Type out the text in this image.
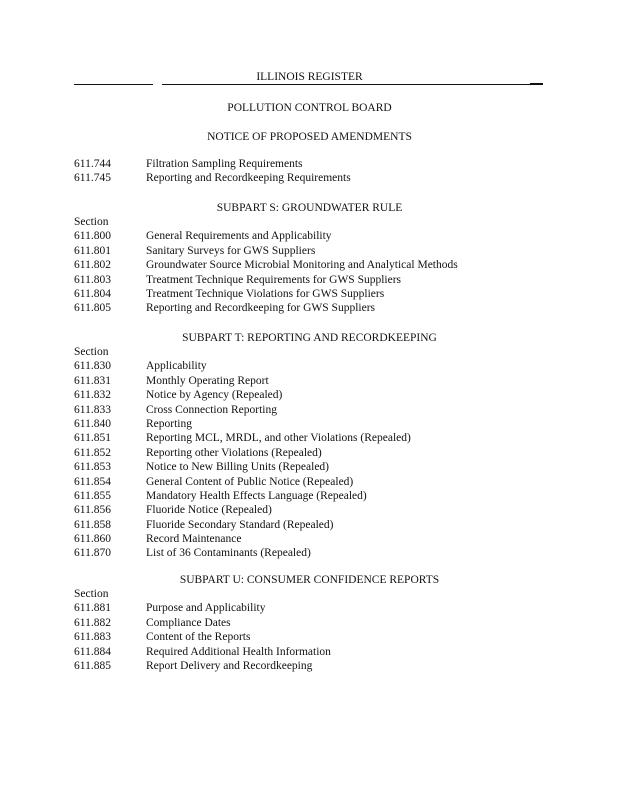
ILLINOIS REGISTER
POLLUTION CONTROL BOARD
NOTICE OF PROPOSED AMENDMENTS
611.744	Filtration Sampling Requirements
611.745	Reporting and Recordkeeping Requirements
SUBPART S: GROUNDWATER RULE
Section
611.800	General Requirements and Applicability
611.801	Sanitary Surveys for GWS Suppliers
611.802	Groundwater Source Microbial Monitoring and Analytical Methods
611.803	Treatment Technique Requirements for GWS Suppliers
611.804	Treatment Technique Violations for GWS Suppliers
611.805	Reporting and Recordkeeping for GWS Suppliers
SUBPART T: REPORTING AND RECORDKEEPING
Section
611.830	Applicability
611.831	Monthly Operating Report
611.832	Notice by Agency (Repealed)
611.833	Cross Connection Reporting
611.840	Reporting
611.851	Reporting MCL, MRDL, and other Violations (Repealed)
611.852	Reporting other Violations (Repealed)
611.853	Notice to New Billing Units (Repealed)
611.854	General Content of Public Notice (Repealed)
611.855	Mandatory Health Effects Language (Repealed)
611.856	Fluoride Notice (Repealed)
611.858	Fluoride Secondary Standard (Repealed)
611.860	Record Maintenance
611.870	List of 36 Contaminants (Repealed)
SUBPART U: CONSUMER CONFIDENCE REPORTS
Section
611.881	Purpose and Applicability
611.882	Compliance Dates
611.883	Content of the Reports
611.884	Required Additional Health Information
611.885	Report Delivery and Recordkeeping
